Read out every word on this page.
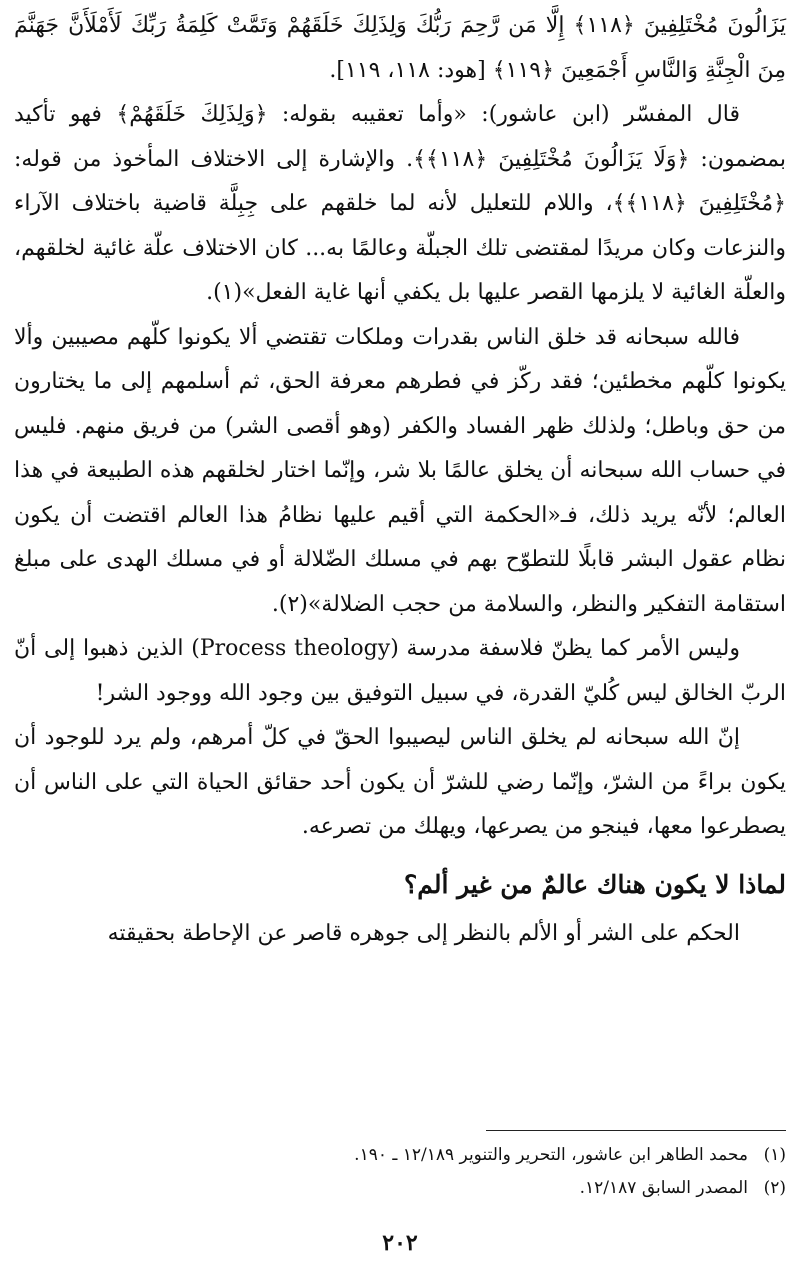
يَزَالُونَ مُخْتَلِفِينَ ﴿١١٨﴾ إِلَّا مَن رَّحِمَ رَبُّكَ وَلِذَلِكَ خَلَقَهُمْ وَتَمَّتْ كَلِمَةُ رَبِّكَ لَأَمْلَأَنَّ جَهَنَّمَ مِنَ الْجِنَّةِ وَالنَّاسِ أَجْمَعِينَ ﴿١١٩﴾ [هود: ١١٨، ١١٩].

قال المفسّر (ابن عاشور): «وأما تعقيبه بقوله: ﴿وَلِذَلِكَ خَلَقَهُمْ﴾ فهو تأكيد بمضمون: ﴿وَلَا يَزَالُونَ مُخْتَلِفِينَ ﴿١١٨﴾﴾. والإشارة إلى الاختلاف المأخوذ من قوله: ﴿مُخْتَلِفِينَ ﴿١١٨﴾﴾، واللام للتعليل لأنه لما خلقهم على جِبِلَّة قاضية باختلاف الآراء والنزعات وكان مريدًا لمقتضى تلك الجبلّة وعالمًا به... كان الاختلاف علّة غائية لخلقهم، والعلّة الغائية لا يلزمها القصر عليها بل يكفي أنها غاية الفعل»(١).

فالله سبحانه قد خلق الناس بقدرات وملكات تقتضي ألا يكونوا كلّهم مصيبين وألا يكونوا كلّهم مخطئين؛ فقد ركّز في فطرهم معرفة الحق، ثم أسلمهم إلى ما يختارون من حق وباطل؛ ولذلك ظهر الفساد والكفر (وهو أقصى الشر) من فريق منهم. فليس في حساب الله سبحانه أن يخلق عالمًا بلا شر، وإنّما اختار لخلقهم هذه الطبيعة في هذا العالم؛ لأنّه يريد ذلك، فـ«الحكمة التي أقيم عليها نظامُ هذا العالم اقتضت أن يكون نظام عقول البشر قابلًا للتطوّح بهم في مسلك الضّلالة أو في مسلك الهدى على مبلغ استقامة التفكير والنظر، والسلامة من حجب الضلالة»(٢).

وليس الأمر كما يظنّ فلاسفة مدرسة (Process theology) الذين ذهبوا إلى أنّ الربّ الخالق ليس كُليّ القدرة، في سبيل التوفيق بين وجود الله ووجود الشر!

إنّ الله سبحانه لم يخلق الناس ليصيبوا الحقّ في كلّ أمرهم، ولم يرد للوجود أن يكون براءً من الشرّ، وإنّما رضي للشرّ أن يكون أحد حقائق الحياة التي على الناس أن يصطرعوا معها، فينجو من يصرعها، ويهلك من تصرعه.

لماذا لا يكون هناك عالمٌ من غير ألم؟

الحكم على الشر أو الألم بالنظر إلى جوهره قاصر عن الإحاطة بحقيقته

(١)محمد الطاهر ابن عاشور، التحرير والتنوير ١٢/١٨٩ ـ ١٩٠.
(٢)المصدر السابق ١٢/١٨٧.
٢٠٢
